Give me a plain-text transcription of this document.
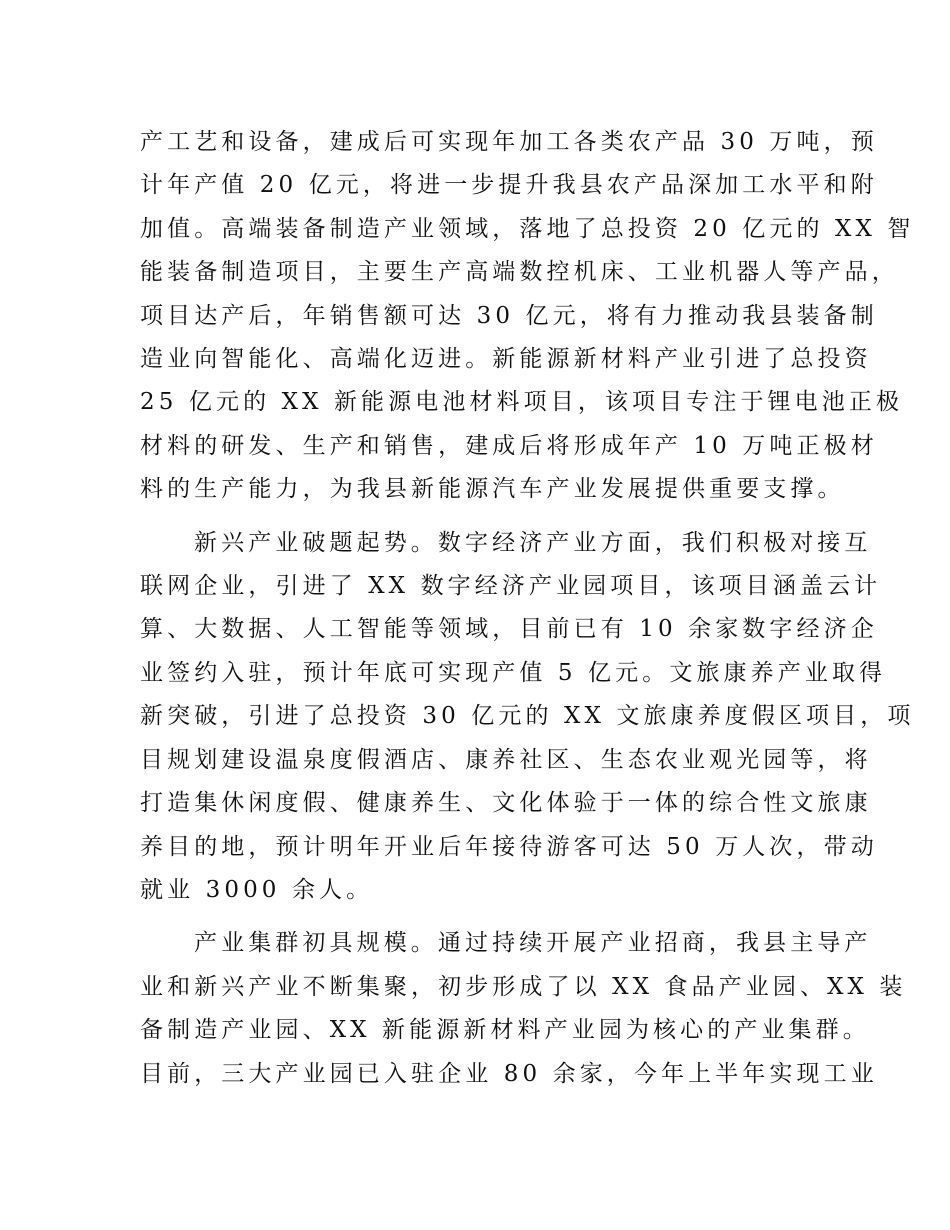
产工艺和设备，建成后可实现年加工各类农产品 30 万吨，预
计年产值 20 亿元，将进一步提升我县农产品深加工水平和附
加值。高端装备制造产业领域，落地了总投资 20 亿元的 XX 智
能装备制造项目，主要生产高端数控机床、工业机器人等产品，
项目达产后，年销售额可达 30 亿元，将有力推动我县装备制
造业向智能化、高端化迈进。新能源新材料产业引进了总投资
25 亿元的 XX 新能源电池材料项目，该项目专注于锂电池正极
材料的研发、生产和销售，建成后将形成年产 10 万吨正极材
料的生产能力，为我县新能源汽车产业发展提供重要支撑。

新兴产业破题起势。数字经济产业方面，我们积极对接互
联网企业，引进了 XX 数字经济产业园项目，该项目涵盖云计
算、大数据、人工智能等领域，目前已有 10 余家数字经济企
业签约入驻，预计年底可实现产值 5 亿元。文旅康养产业取得
新突破，引进了总投资 30 亿元的 XX 文旅康养度假区项目，项
目规划建设温泉度假酒店、康养社区、生态农业观光园等，将
打造集休闲度假、健康养生、文化体验于一体的综合性文旅康
养目的地，预计明年开业后年接待游客可达 50 万人次，带动
就业 3000 余人。

产业集群初具规模。通过持续开展产业招商，我县主导产
业和新兴产业不断集聚，初步形成了以 XX 食品产业园、XX 装
备制造产业园、XX 新能源新材料产业园为核心的产业集群。
目前，三大产业园已入驻企业 80 余家，今年上半年实现工业
